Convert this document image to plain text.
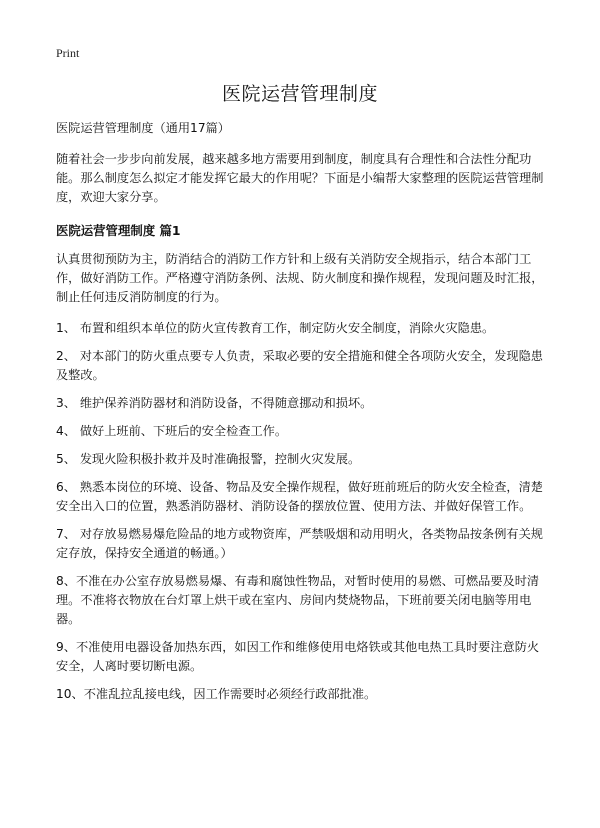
Print
医院运营管理制度

医院运营管理制度（通用17篇）

随着社会一步步向前发展，越来越多地方需要用到制度，制度具有合理性和合法性分配功能。那么制度怎么拟定才能发挥它最大的作用呢？下面是小编帮大家整理的医院运营管理制度，欢迎大家分享。

医院运营管理制度 篇1

认真贯彻预防为主，防消结合的消防工作方针和上级有关消防安全规指示，结合本部门工作，做好消防工作。严格遵守消防条例、法规、防火制度和操作规程，发现问题及时汇报，制止任何违反消防制度的行为。

1、 布置和组织本单位的防火宣传教育工作，制定防火安全制度，消除火灾隐患。
2、 对本部门的防火重点要专人负责，采取必要的安全措施和健全各项防火安全，发现隐患及整改。
3、 维护保养消防器材和消防设备，不得随意挪动和损坏。
4、 做好上班前、下班后的安全检查工作。
5、 发现火险积极扑救并及时准确报警，控制火灾发展。
6、 熟悉本岗位的环境、设备、物品及安全操作规程，做好班前班后的防火安全检查，清楚安全出入口的位置，熟悉消防器材、消防设备的摆放位置、使用方法、并做好保管工作。
7、 对存放易燃易爆危险品的地方或物资库，严禁吸烟和动用明火，各类物品按条例有关规定存放，保持安全通道的畅通。）
8、不准在办公室存放易燃易爆、有毒和腐蚀性物品，对暂时使用的易燃、可燃品要及时清理。不准将衣物放在台灯罩上烘干或在室内、房间内焚烧物品，下班前要关闭电脑等用电器。
9、不准使用电器设备加热东西，如因工作和维修使用电烙铁或其他电热工具时要注意防火安全，人离时要切断电源。
10、不准乱拉乱接电线，因工作需要时必须经行政部批准。
